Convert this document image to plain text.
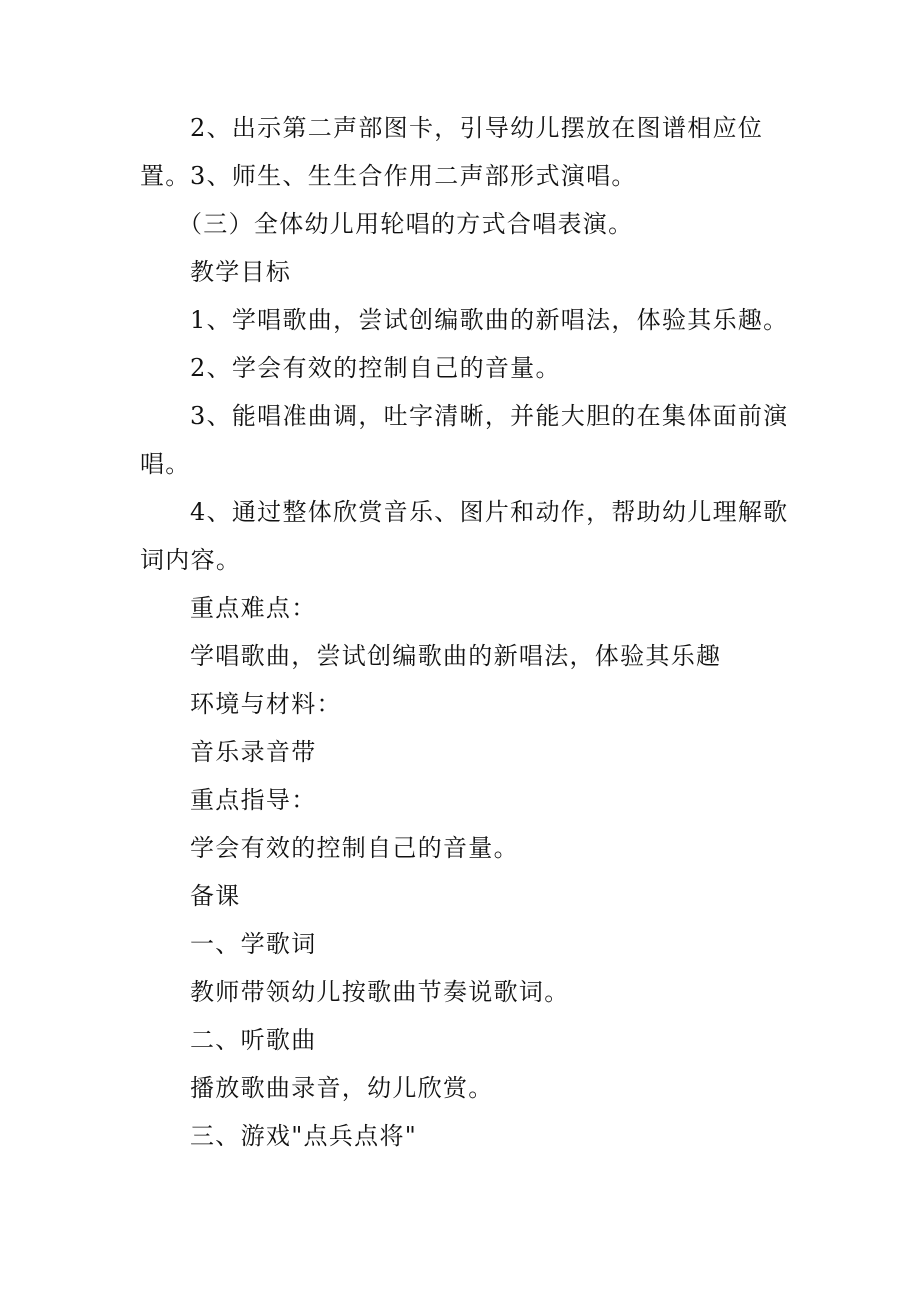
2、出示第二声部图卡，引导幼儿摆放在图谱相应位置。 3、师生、生生合作用二声部形式演唱。

（三）全体幼儿用轮唱的方式合唱表演。

教学目标

1、学唱歌曲，尝试创编歌曲的新唱法，体验其乐趣。

2、学会有效的控制自己的音量。

3、能唱准曲调，吐字清晰，并能大胆的在集体面前演唱。

4、通过整体欣赏音乐、图片和动作，帮助幼儿理解歌词内容。

重点难点：

学唱歌曲，尝试创编歌曲的新唱法，体验其乐趣

环境与材料：

音乐录音带

重点指导：

学会有效的控制自己的音量。

备课

一、学歌词

教师带领幼儿按歌曲节奏说歌词。

二、听歌曲

播放歌曲录音，幼儿欣赏。

三、游戏"点兵点将"
